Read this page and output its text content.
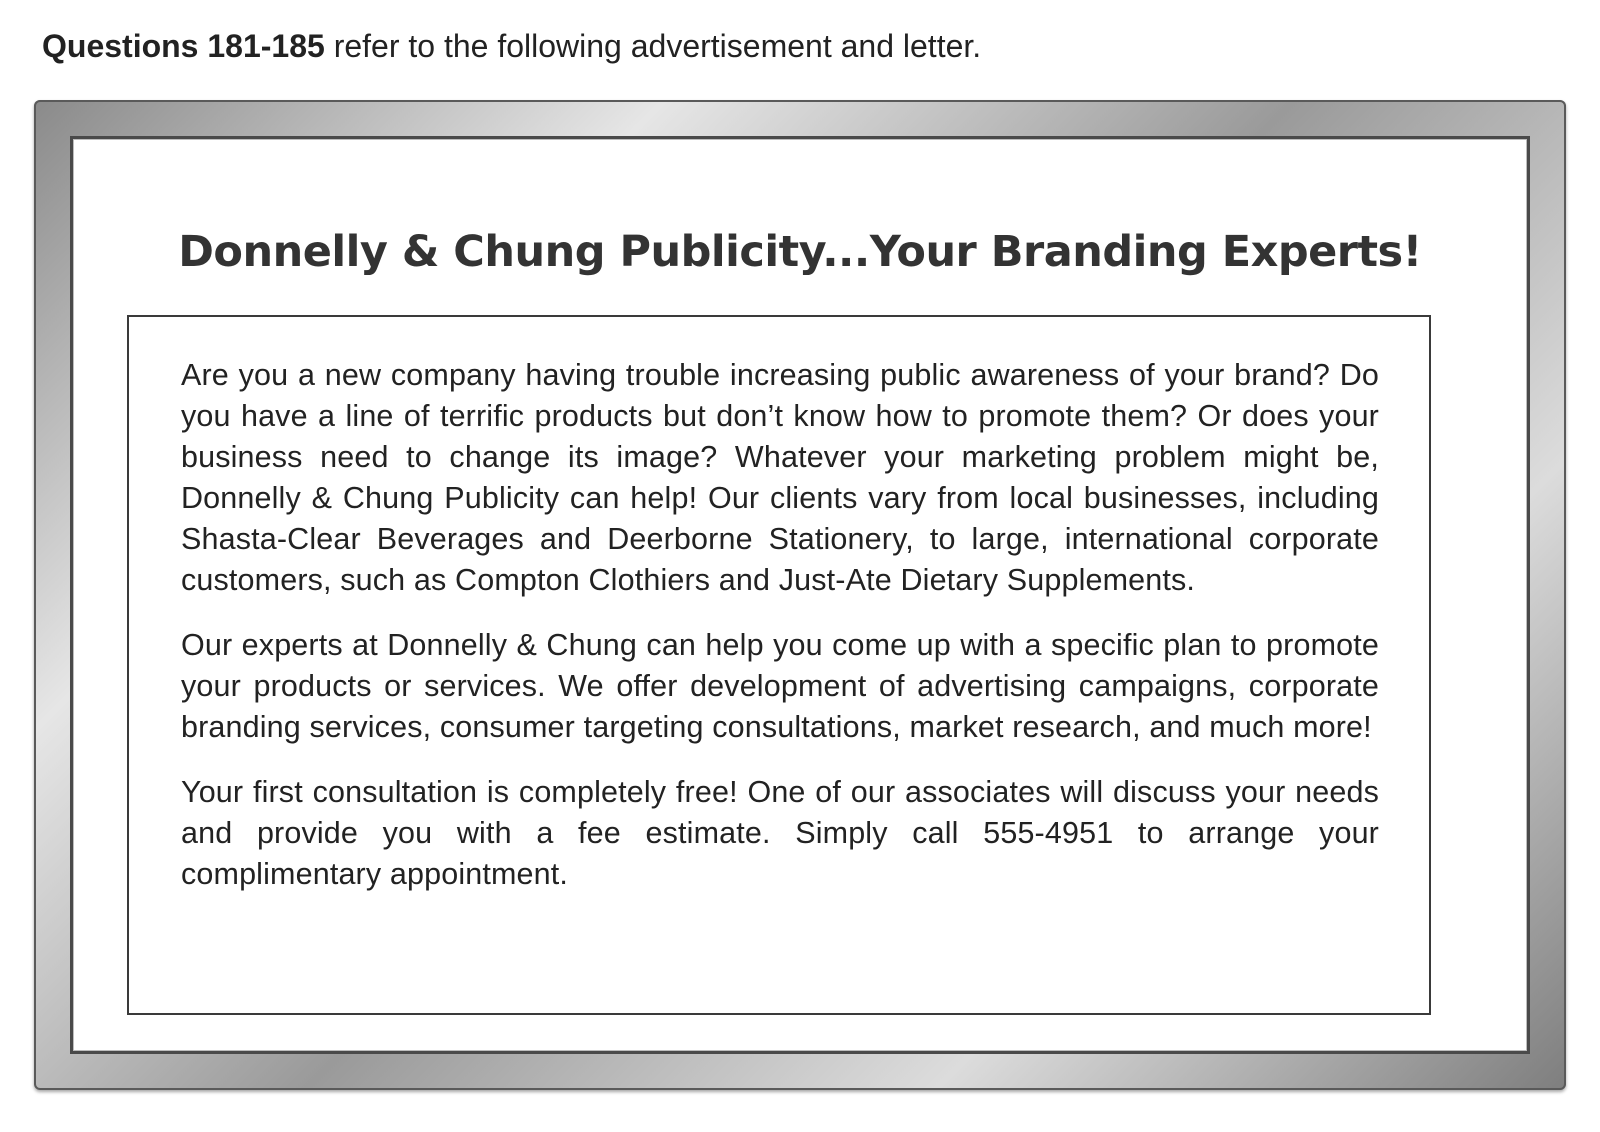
Questions 181-185 refer to the following advertisement and letter.
Donnelly & Chung Publicity...Your Branding Experts!

Are you a new company having trouble increasing public awareness of your brand? Do you have a line of terrific products but don’t know how to promote them? Or does your business need to change its image? Whatever your marketing problem might be, Donnelly & Chung Publicity can help! Our clients vary from local businesses, including Shasta-Clear Beverages and Deerborne Stationery, to large, international corporate customers, such as Compton Clothiers and Just-Ate Dietary Supplements.

Our experts at Donnelly & Chung can help you come up with a specific plan to promote your products or services. We offer development of advertising campaigns, corporate branding services, consumer targeting consultations, market research, and much more!

Your first consultation is completely free! One of our associates will discuss your needs and provide you with a fee estimate. Simply call 555-4951 to arrange your complimentary appointment.
